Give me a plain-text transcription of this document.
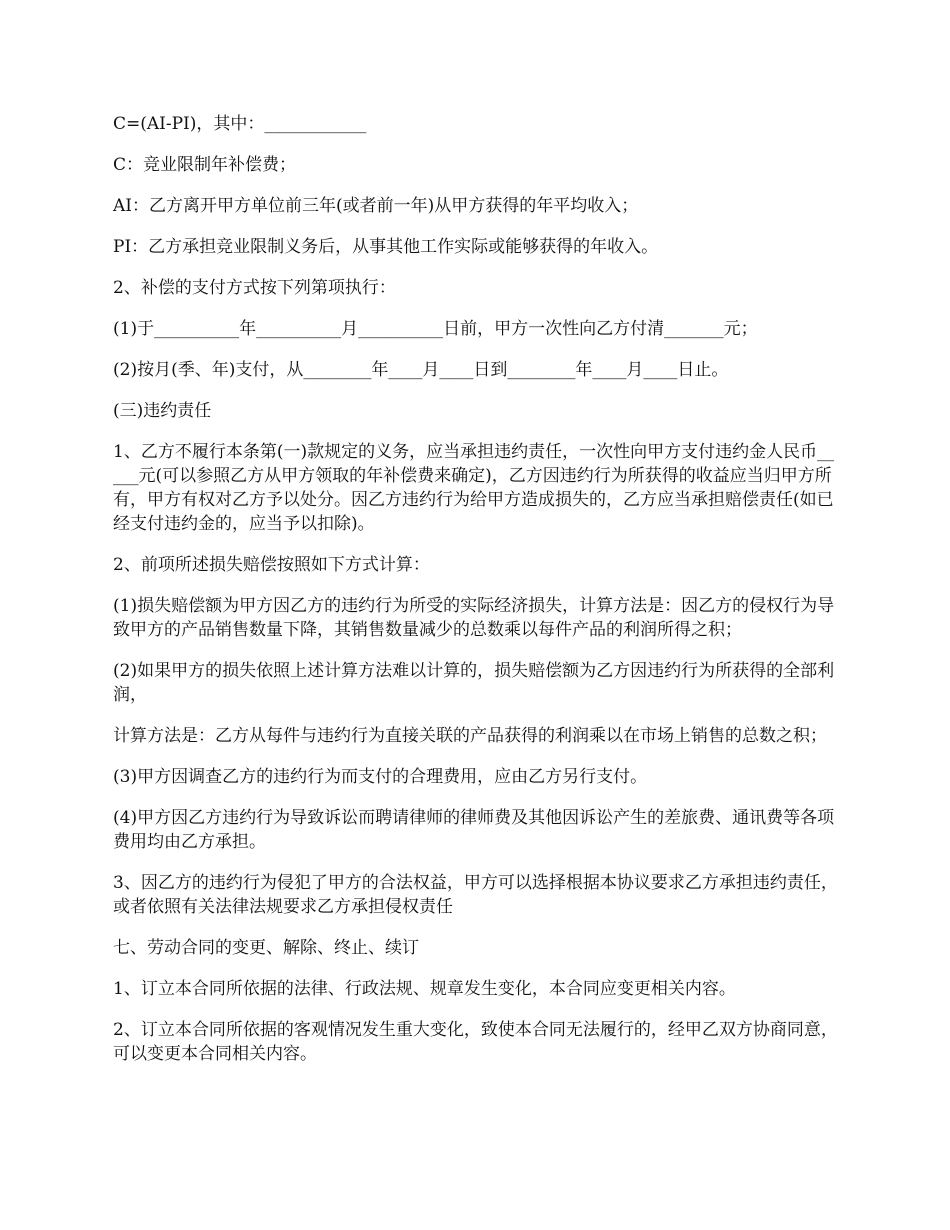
C=(AI-PI)，其中：____________

C：竞业限制年补偿费；

AI：乙方离开甲方单位前三年(或者前一年)从甲方获得的年平均收入；

PI：乙方承担竞业限制义务后，从事其他工作实际或能够获得的年收入。

2、补偿的支付方式按下列第项执行：

(1)于__________年__________月__________日前，甲方一次性向乙方付清_______元；

(2)按月(季、年)支付，从________年____月____日到________年____月____日止。

(三)违约责任

1、乙方不履行本条第(一)款规定的义务，应当承担违约责任，一次性向甲方支付违约金人民币_____元(可以参照乙方从甲方领取的年补偿费来确定)，乙方因违约行为所获得的收益应当归甲方所有，甲方有权对乙方予以处分。因乙方违约行为给甲方造成损失的，乙方应当承担赔偿责任(如已经支付违约金的，应当予以扣除)。

2、前项所述损失赔偿按照如下方式计算：

(1)损失赔偿额为甲方因乙方的违约行为所受的实际经济损失，计算方法是：因乙方的侵权行为导致甲方的产品销售数量下降，其销售数量减少的总数乘以每件产品的利润所得之积；

(2)如果甲方的损失依照上述计算方法难以计算的，损失赔偿额为乙方因违约行为所获得的全部利润，

计算方法是：乙方从每件与违约行为直接关联的产品获得的利润乘以在市场上销售的总数之积；

(3)甲方因调查乙方的违约行为而支付的合理费用，应由乙方另行支付。

(4)甲方因乙方违约行为导致诉讼而聘请律师的律师费及其他因诉讼产生的差旅费、通讯费等各项费用均由乙方承担。

3、因乙方的违约行为侵犯了甲方的合法权益，甲方可以选择根据本协议要求乙方承担违约责任，或者依照有关法律法规要求乙方承担侵权责任

七、劳动合同的变更、解除、终止、续订

1、订立本合同所依据的法律、行政法规、规章发生变化，本合同应变更相关内容。

2、订立本合同所依据的客观情况发生重大变化，致使本合同无法履行的，经甲乙双方协商同意，可以变更本合同相关内容。
